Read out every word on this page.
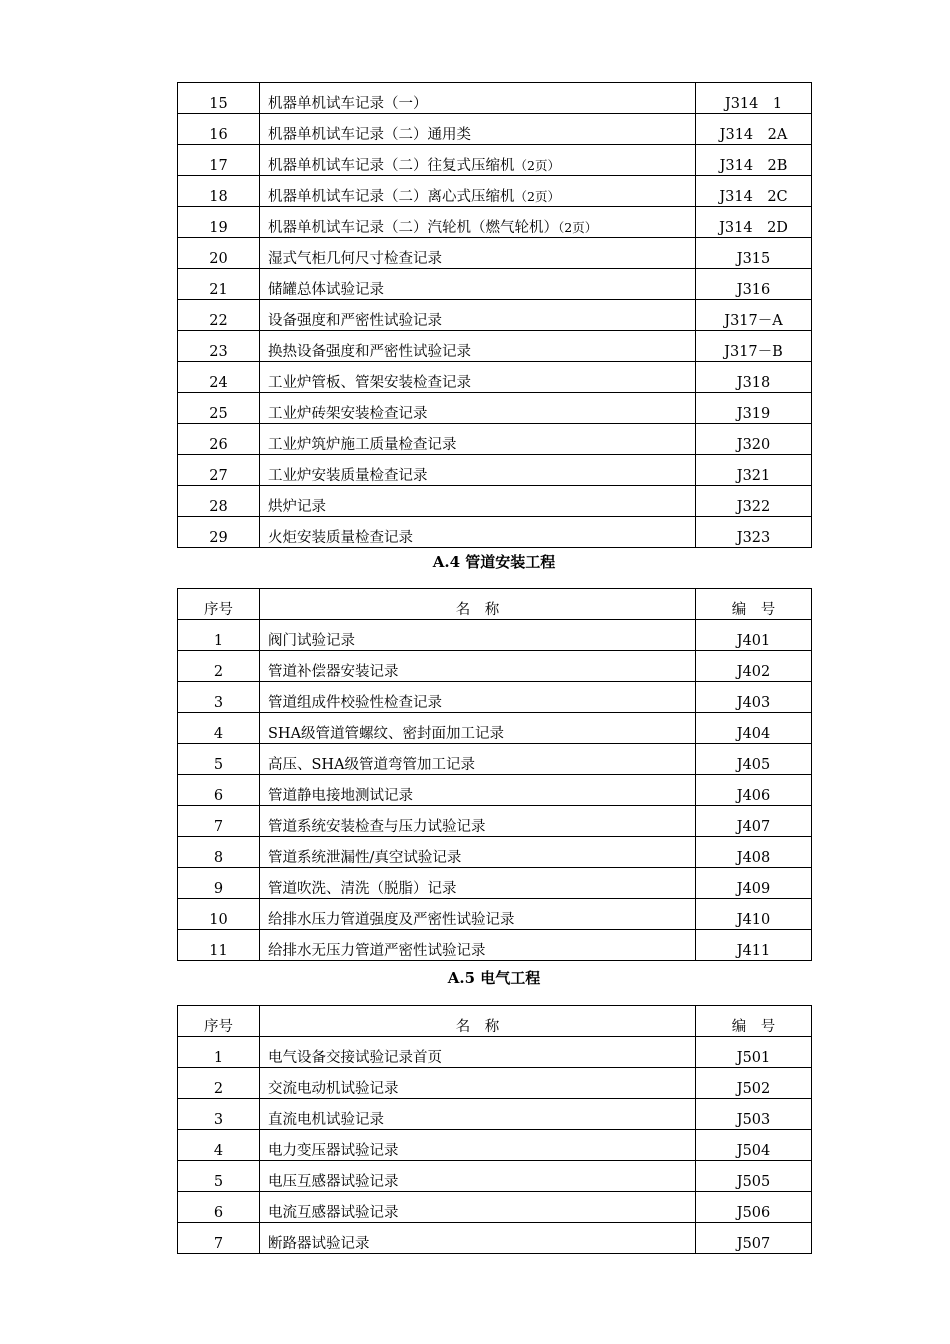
15	机器单机试车记录（一）	J314　1
16	机器单机试车记录（二）通用类	J314　2A
17	机器单机试车记录（二）往复式压缩机（2页）	J314　2B
18	机器单机试车记录（二）离心式压缩机（2页）	J314　2C
19	机器单机试车记录（二）汽轮机（燃气轮机）（2页）	J314　2D
20	湿式气柜几何尺寸检查记录	J315
21	储罐总体试验记录	J316
22	设备强度和严密性试验记录	J317－A
23	换热设备强度和严密性试验记录	J317－B
24	工业炉管板、管架安装检查记录	J318
25	工业炉砖架安装检查记录	J319
26	工业炉筑炉施工质量检查记录	J320
27	工业炉安装质量检查记录	J321
28	烘炉记录	J322
29	火炬安装质量检查记录	J323
A.4 管道安装工程
序号	名　称	编　号
1	阀门试验记录	J401
2	管道补偿器安装记录	J402
3	管道组成件校验性检查记录	J403
4	SHA级管道管螺纹、密封面加工记录	J404
5	高压、SHA级管道弯管加工记录	J405
6	管道静电接地测试记录	J406
7	管道系统安装检查与压力试验记录	J407
8	管道系统泄漏性/真空试验记录	J408
9	管道吹洗、清洗（脱脂）记录	J409
10	给排水压力管道强度及严密性试验记录	J410
11	给排水无压力管道严密性试验记录	J411
A.5 电气工程
序号	名　称	编　号
1	电气设备交接试验记录首页	J501
2	交流电动机试验记录	J502
3	直流电机试验记录	J503
4	电力变压器试验记录	J504
5	电压互感器试验记录	J505
6	电流互感器试验记录	J506
7	断路器试验记录	J507
